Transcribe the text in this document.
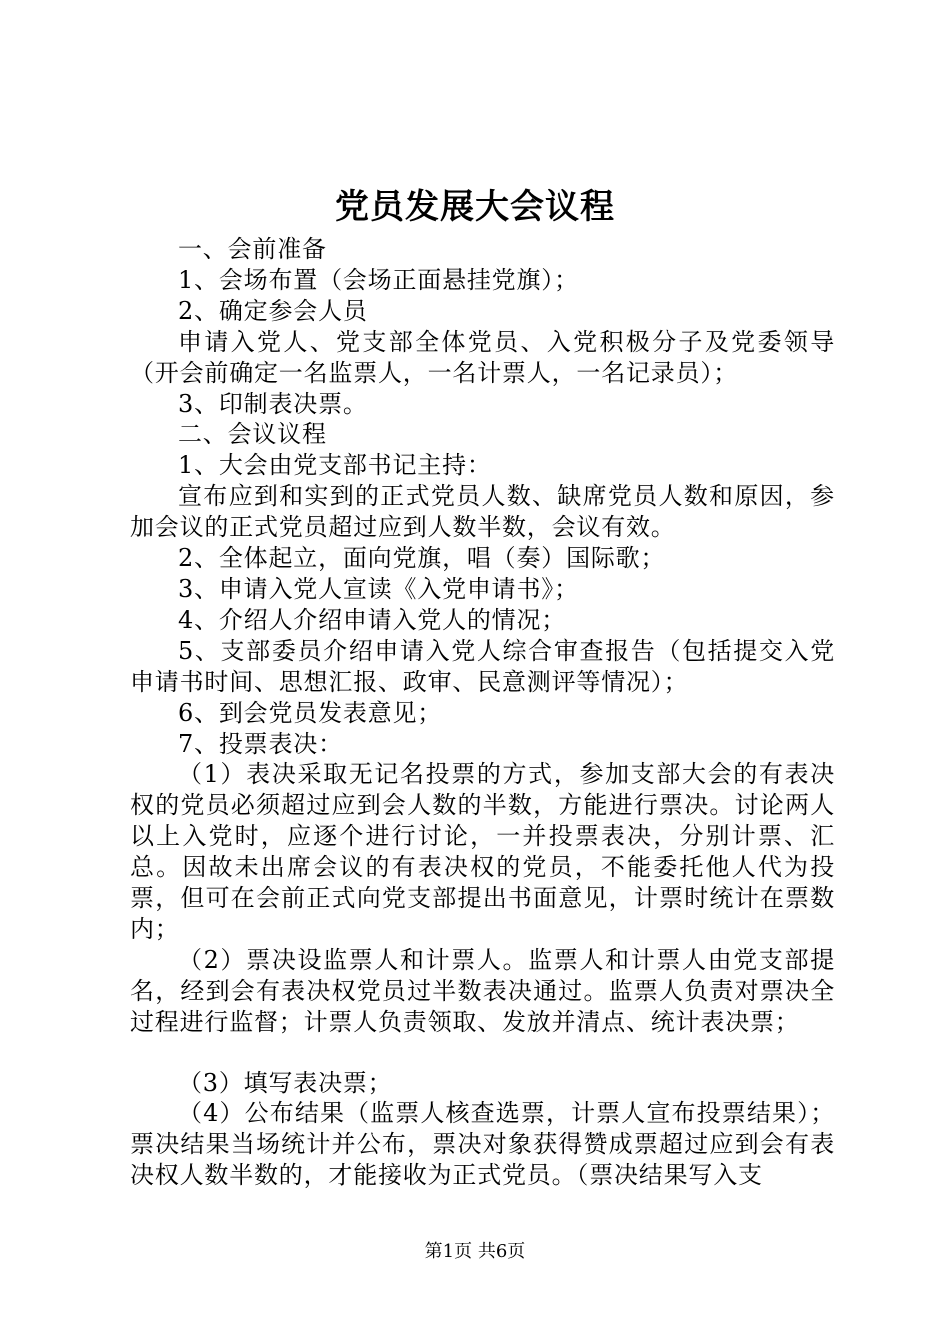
党员发展大会议程

一、会前准备

1、会场布置（会场正面悬挂党旗）；

2、确定参会人员

申请入党人、党支部全体党员、入党积极分子及党委领导（开会前确定一名监票人，一名计票人，一名记录员）；

3、印制表决票。

二、会议议程

1、大会由党支部书记主持：

宣布应到和实到的正式党员人数、缺席党员人数和原因，参加会议的正式党员超过应到人数半数，会议有效。

2、全体起立，面向党旗，唱（奏）国际歌；

3、申请入党人宣读《入党申请书》；

4、介绍人介绍申请入党人的情况；

5、支部委员介绍申请入党人综合审查报告（包括提交入党申请书时间、思想汇报、政审、民意测评等情况）；

6、到会党员发表意见；

7、投票表决：

（1）表决采取无记名投票的方式，参加支部大会的有表决权的党员必须超过应到会人数的半数，方能进行票决。讨论两人以上入党时，应逐个进行讨论，一并投票表决，分别计票、汇总。因故未出席会议的有表决权的党员，不能委托他人代为投票，但可在会前正式向党支部提出书面意见，计票时统计在票数内；

（2）票决设监票人和计票人。监票人和计票人由党支部提名，经到会有表决权党员过半数表决通过。监票人负责对票决全过程进行监督；计票人负责领取、发放并清点、统计表决票；

（3）填写表决票；

（4）公布结果（监票人核查选票，计票人宣布投票结果）；票决结果当场统计并公布，票决对象获得赞成票超过应到会有表决权人数半数的，才能接收为正式党员。（票决结果写入支

第1页 共6页
